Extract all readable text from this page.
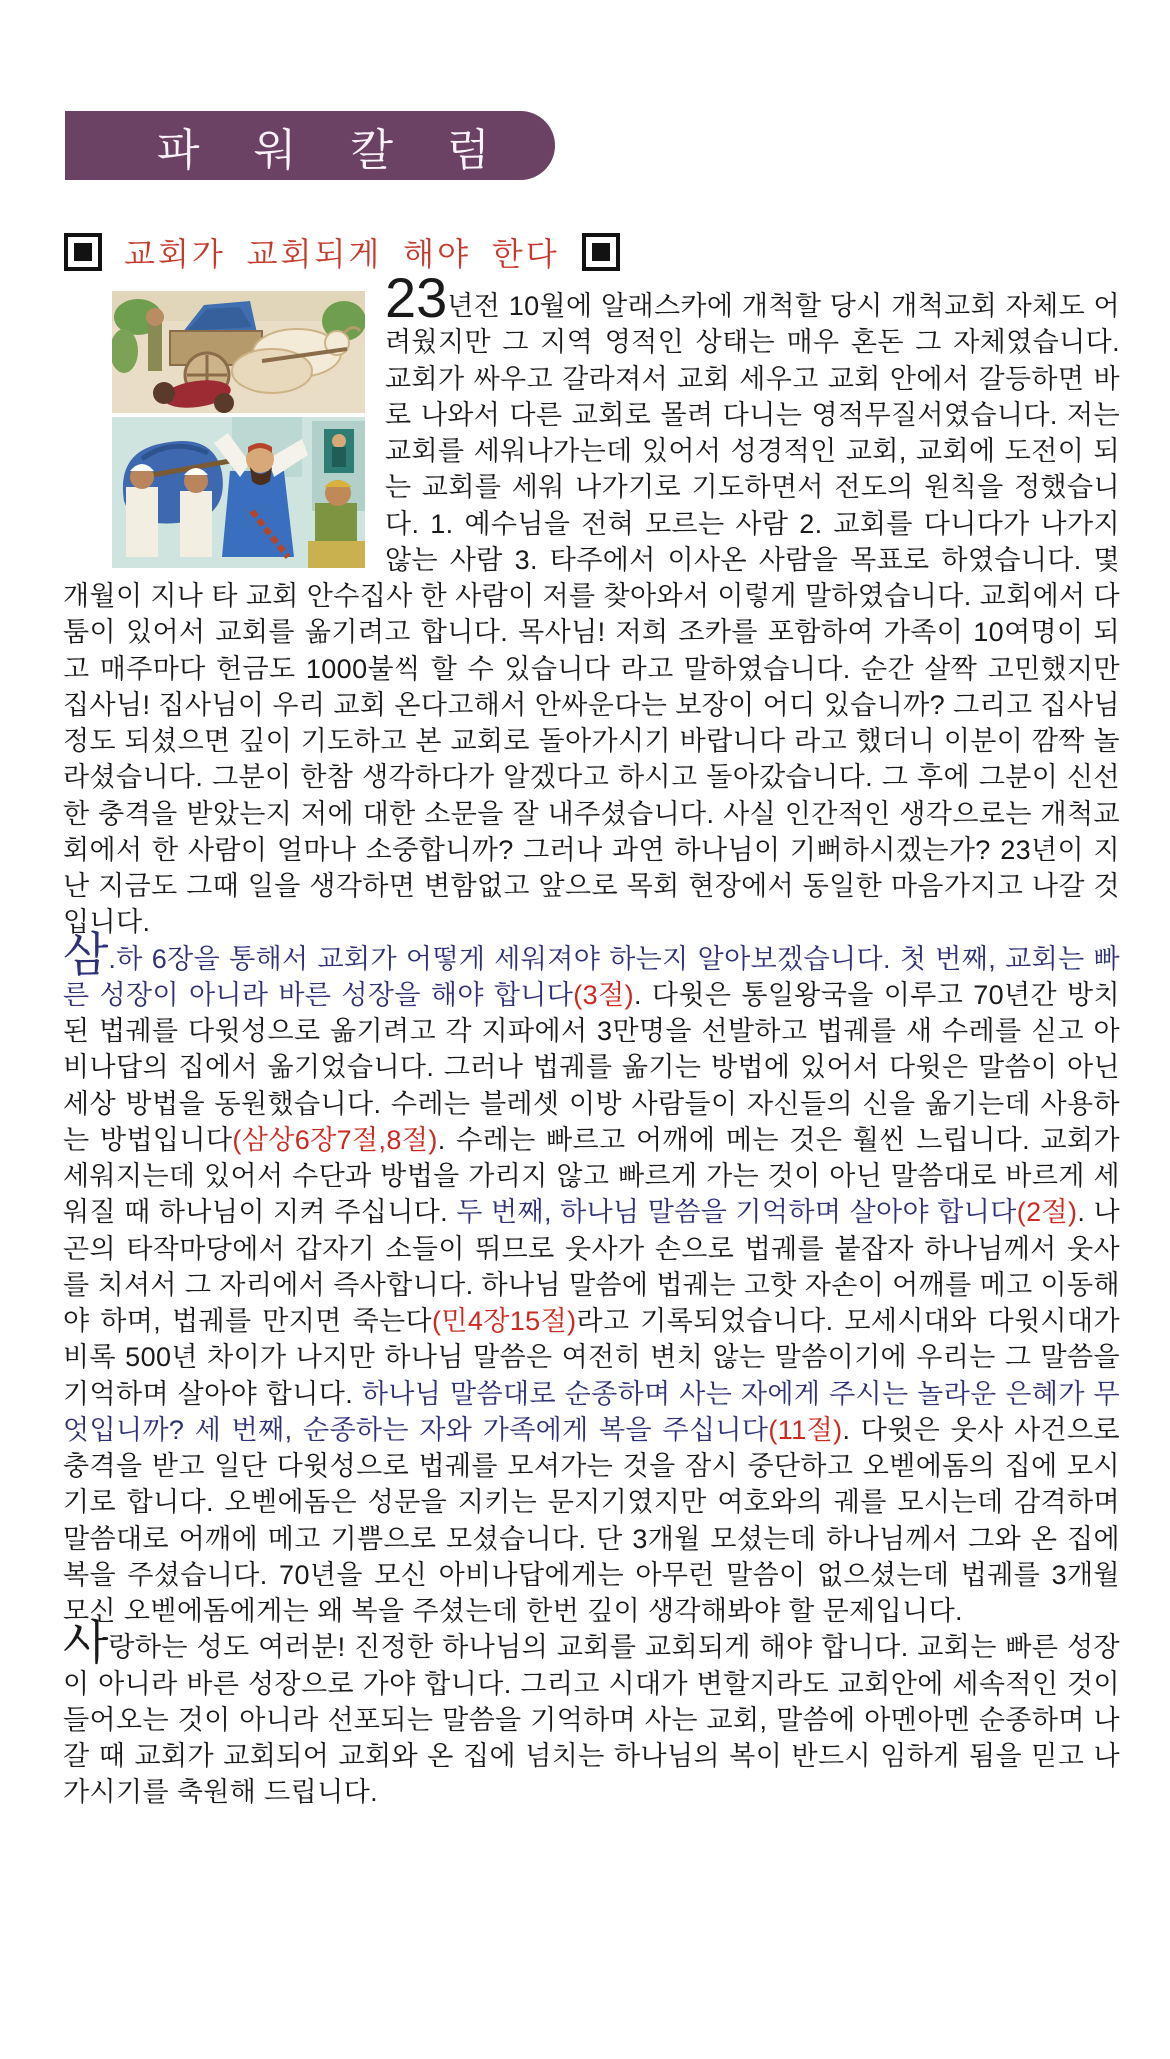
파 워 칼 럼
교회가 교회되게 해야 한다

23년전 10월에 알래스카에 개척할 당시 개척교회 자체도 어려웠지만 그 지역 영적인 상태는 매우 혼돈 그 자체였습니다. 교회가 싸우고 갈라져서 교회 세우고 교회 안에서 갈등하면 바로 나와서 다른 교회로 몰려 다니는 영적무질서였습니다. 저는 교회를 세워나가는데 있어서 성경적인 교회, 교회에 도전이 되는 교회를 세워 나가기로 기도하면서 전도의 원칙을 정했습니다. 1. 예수님을 전혀 모르는 사람 2. 교회를 다니다가 나가지 않는 사람 3. 타주에서 이사온 사람을 목표로 하였습니다. 몇 개월이 지나 타 교회 안수집사 한 사람이 저를 찾아와서 이렇게 말하였습니다. 교회에서 다툼이 있어서 교회를 옮기려고 합니다. 목사님! 저희 조카를 포함하여 가족이 10여명이 되고 매주마다 헌금도 1000불씩 할 수 있습니다 라고 말하였습니다. 순간 살짝 고민했지만 집사님! 집사님이 우리 교회 온다고해서 안싸운다는 보장이 어디 있습니까? 그리고 집사님정도 되셨으면 깊이 기도하고 본 교회로 돌아가시기 바랍니다 라고 했더니 이분이 깜짝 놀라셨습니다. 그분이 한참 생각하다가 알겠다고 하시고 돌아갔습니다. 그 후에 그분이 신선한 충격을 받았는지 저에 대한 소문을 잘 내주셨습니다. 사실 인간적인 생각으로는 개척교회에서 한 사람이 얼마나 소중합니까? 그러나 과연 하나님이 기뻐하시겠는가? 23년이 지난 지금도 그때 일을 생각하면 변함없고 앞으로 목회 현장에서 동일한 마음가지고 나갈 것입니다.

삼.하 6장을 통해서 교회가 어떻게 세워져야 하는지 알아보겠습니다. 첫 번째, 교회는 빠른 성장이 아니라 바른 성장을 해야 합니다(3절). 다윗은 통일왕국을 이루고 70년간 방치된 법궤를 다윗성으로 옮기려고 각 지파에서 3만명을 선발하고 법궤를 새 수레를 싣고 아비나답의 집에서 옮기었습니다. 그러나 법궤를 옮기는 방법에 있어서 다윗은 말씀이 아닌 세상 방법을 동원했습니다. 수레는 블레셋 이방 사람들이 자신들의 신을 옮기는데 사용하는 방법입니다(삼상6장7절,8절). 수레는 빠르고 어깨에 메는 것은 훨씬 느립니다. 교회가 세워지는데 있어서 수단과 방법을 가리지 않고 빠르게 가는 것이 아닌 말씀대로 바르게 세워질 때 하나님이 지켜 주십니다. 두 번째, 하나님 말씀을 기억하며 살아야 합니다(2절). 나곤의 타작마당에서 갑자기 소들이 뛰므로 웃사가 손으로 법궤를 붙잡자 하나님께서 웃사를 치셔서 그 자리에서 즉사합니다. 하나님 말씀에 법궤는 고핫 자손이 어깨를 메고 이동해야 하며, 법궤를 만지면 죽는다(민4장15절)라고 기록되었습니다. 모세시대와 다윗시대가 비록 500년 차이가 나지만 하나님 말씀은 여전히 변치 않는 말씀이기에 우리는 그 말씀을 기억하며 살아야 합니다. 하나님 말씀대로 순종하며 사는 자에게 주시는 놀라운 은혜가 무엇입니까? 세 번째, 순종하는 자와 가족에게 복을 주십니다(11절). 다윗은 웃사 사건으로 충격을 받고 일단 다윗성으로 법궤를 모셔가는 것을 잠시 중단하고 오벧에돔의 집에 모시기로 합니다. 오벧에돔은 성문을 지키는 문지기였지만 여호와의 궤를 모시는데 감격하며 말씀대로 어깨에 메고 기쁨으로 모셨습니다. 단 3개월 모셨는데 하나님께서 그와 온 집에 복을 주셨습니다. 70년을 모신 아비나답에게는 아무런 말씀이 없으셨는데 법궤를 3개월 모신 오벧에돔에게는 왜 복을 주셨는데 한번 깊이 생각해봐야 할 문제입니다.

사랑하는 성도 여러분! 진정한 하나님의 교회를 교회되게 해야 합니다. 교회는 빠른 성장이 아니라 바른 성장으로 가야 합니다. 그리고 시대가 변할지라도 교회안에 세속적인 것이 들어오는 것이 아니라 선포되는 말씀을 기억하며 사는 교회, 말씀에 아멘아멘 순종하며 나갈 때 교회가 교회되어 교회와 온 집에 넘치는 하나님의 복이 반드시 임하게 됨을 믿고 나가시기를 축원해 드립니다.
